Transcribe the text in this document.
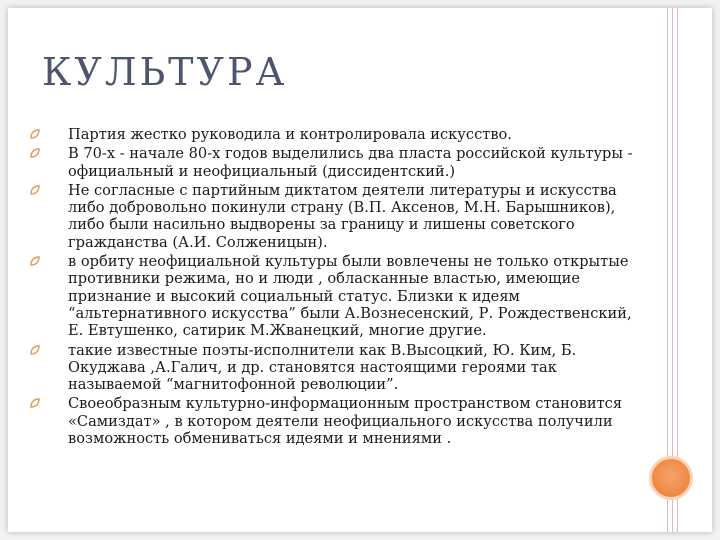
КУЛЬТУРА
Партия жестко руководила и контролировала искусство.
В 70-х - начале 80-х годов выделились два пласта российской культуры - официальный и неофициальный (диссидентский.)
Не согласные с партийным диктатом деятели литературы и искусства либо добровольно покинули страну (В.П. Аксенов, М.Н. Барышников), либо были насильно выдворены за границу и лишены советского гражданства (А.И. Солженицын).
в орбиту неофициальной культуры были вовлечены не только открытые противники режима, но и люди , обласканные властью, имеющие признание и высокий социальный статус. Близки к идеям “альтернативного искусства” были А.Вознесенский, Р. Рождественский, Е. Евтушенко, сатирик М.Жванецкий, многие другие.
такие известные поэты-исполнители как В.Высоцкий, Ю. Ким, Б. Окуджава ,А.Галич, и др. становятся настоящими героями так называемой “магнитофонной революции”.
Своеобразным культурно-информационным пространством становится «Самиздат» , в котором деятели неофициального искусства получили возможность обмениваться идеями и мнениями .
